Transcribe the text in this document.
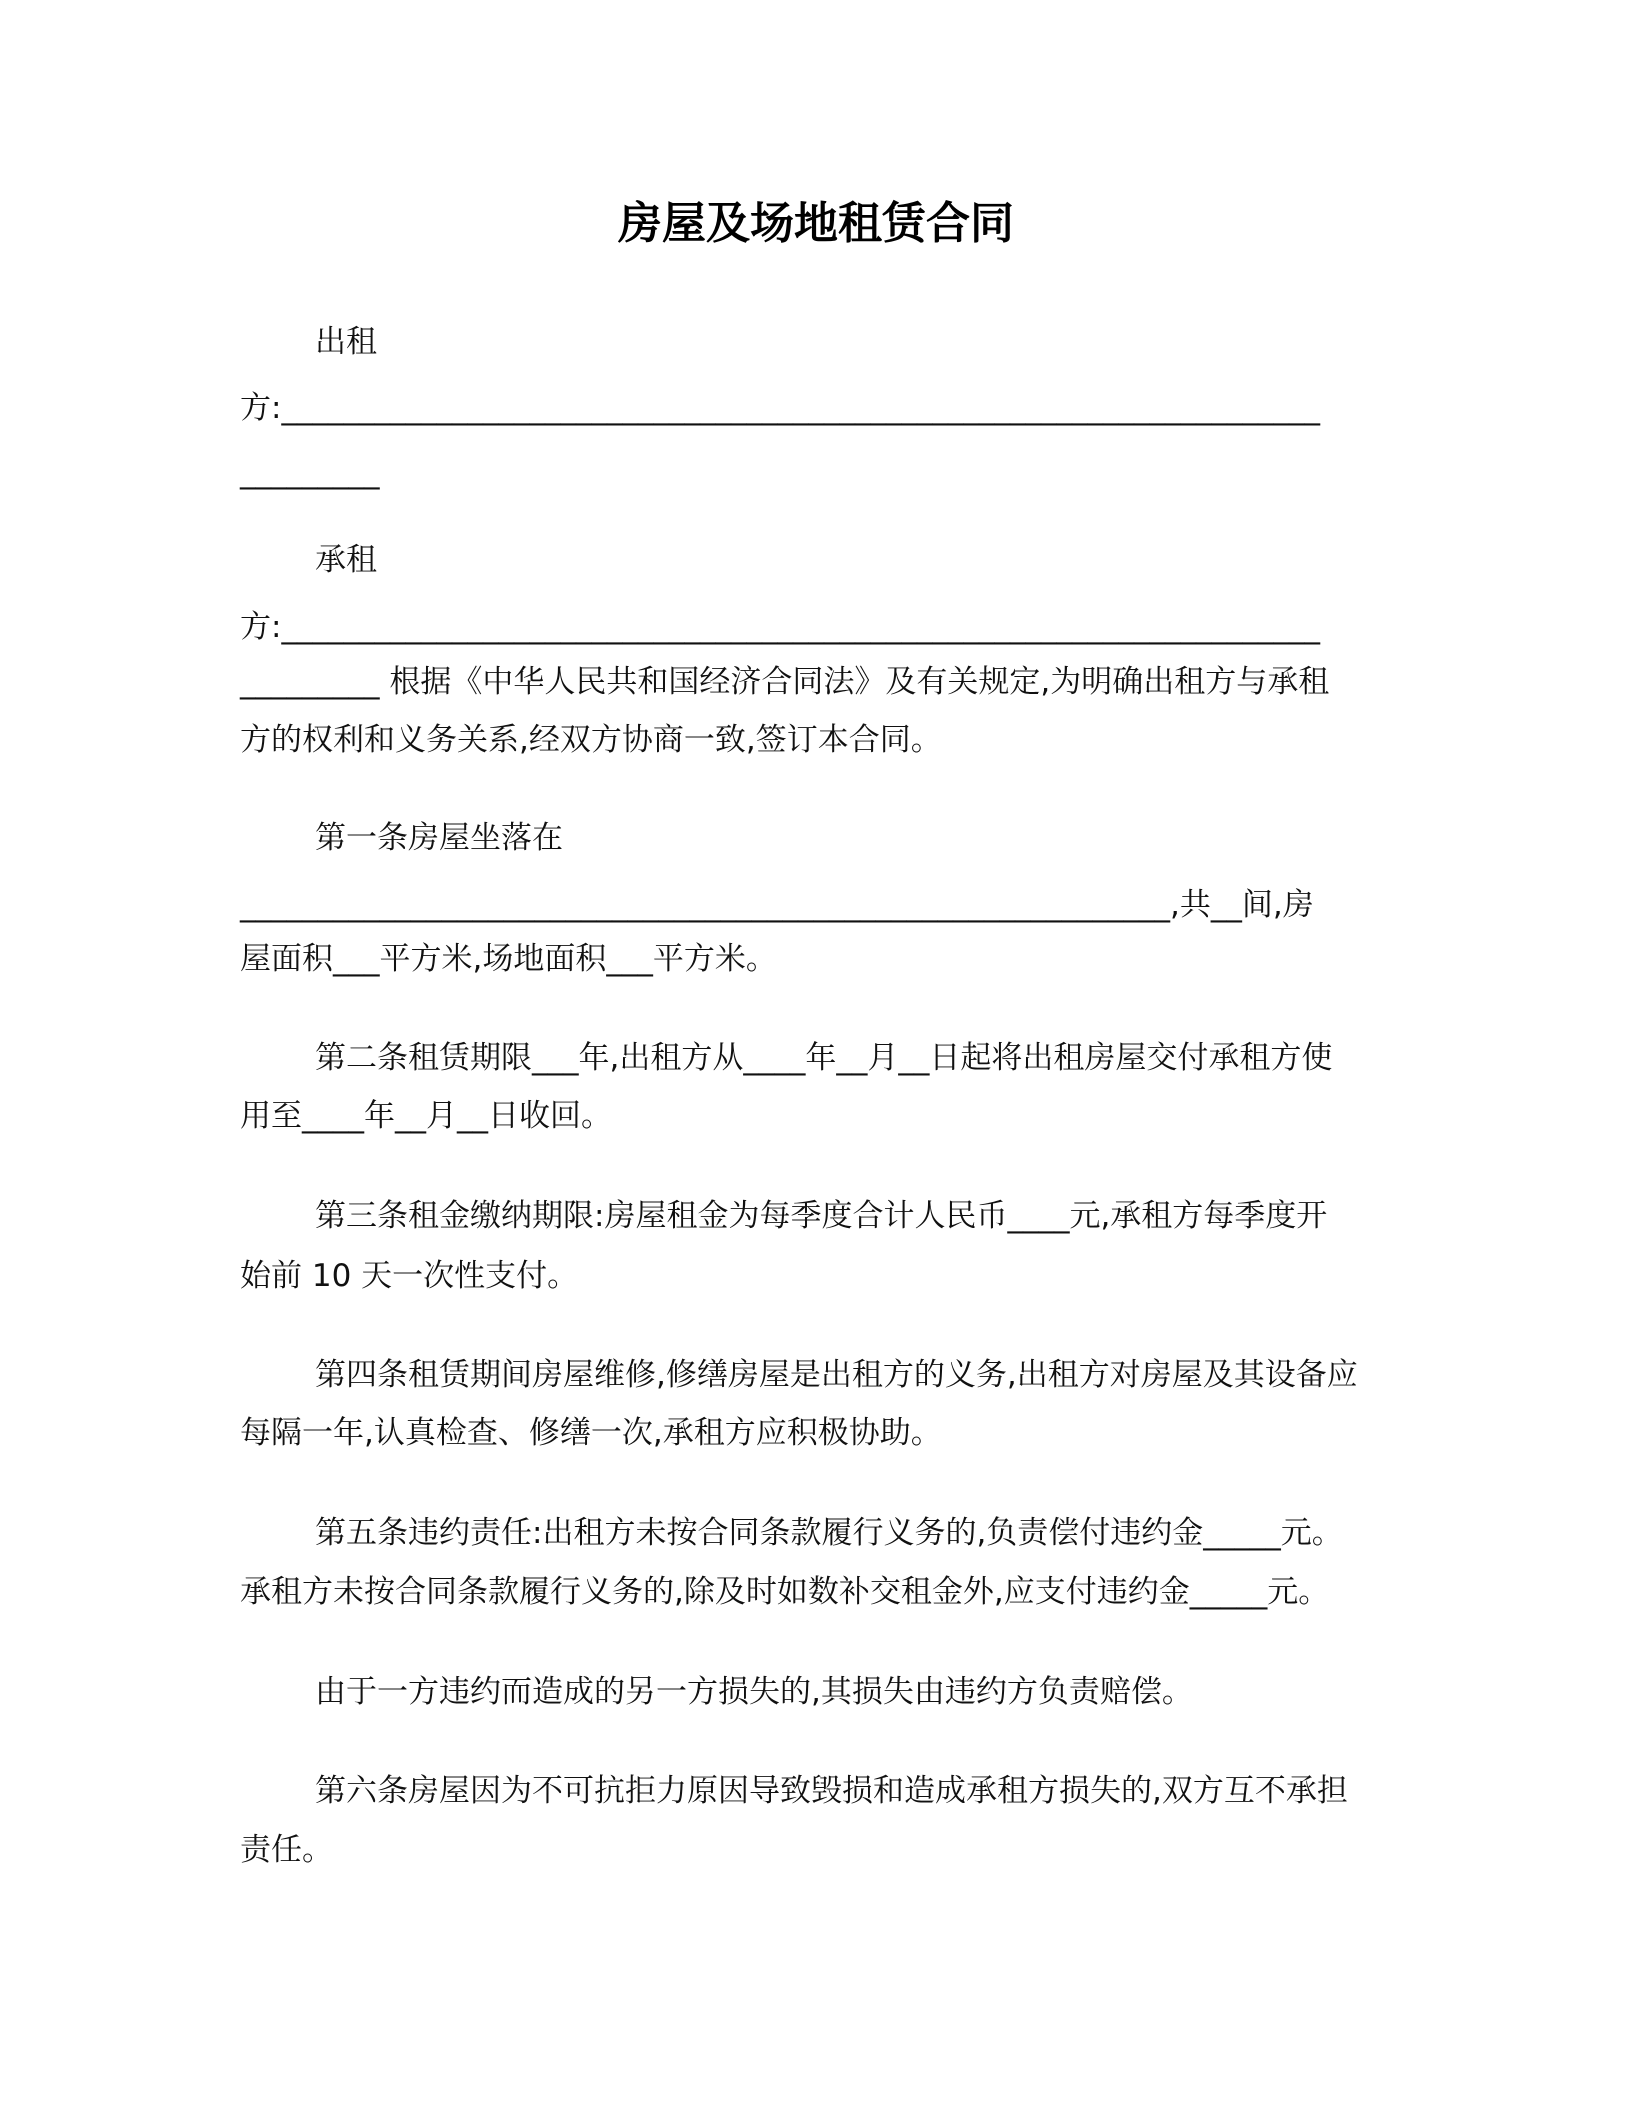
房屋及场地租赁合同
出租
方:___________________________________________________________________
_________
承租
方:___________________________________________________________________
_________ 根据《中华人民共和国经济合同法》及有关规定,为明确出租方与承租
方的权利和义务关系,经双方协商一致,签订本合同。
第一条房屋坐落在
____________________________________________________________,共__间,房
屋面积___平方米,场地面积___平方米。
第二条租赁期限___年,出租方从____年__月__日起将出租房屋交付承租方使
用至____年__月__日收回。
第三条租金缴纳期限:房屋租金为每季度合计人民币____元,承租方每季度开
始前 10 天一次性支付。
第四条租赁期间房屋维修,修缮房屋是出租方的义务,出租方对房屋及其设备应
每隔一年,认真检查、修缮一次,承租方应积极协助。
第五条违约责任:出租方未按合同条款履行义务的,负责偿付违约金_____元。
承租方未按合同条款履行义务的,除及时如数补交租金外,应支付违约金_____元。
由于一方违约而造成的另一方损失的,其损失由违约方负责赔偿。
第六条房屋因为不可抗拒力原因导致毁损和造成承租方损失的,双方互不承担
责任。
